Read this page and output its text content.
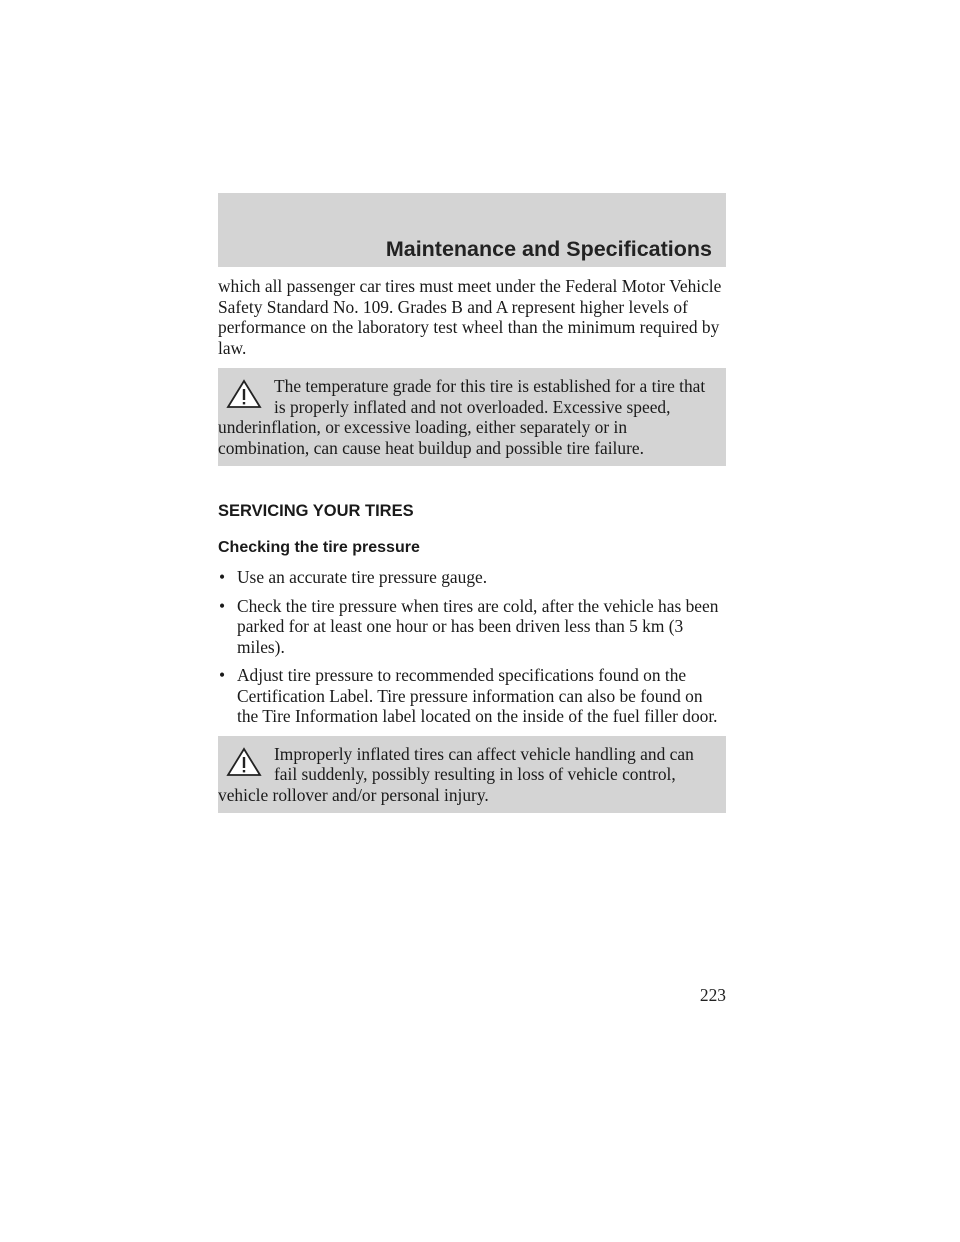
Maintenance and Specifications

which all passenger car tires must meet under the Federal Motor Vehicle Safety Standard No. 109. Grades B and A represent higher levels of performance on the laboratory test wheel than the minimum required by law.

The temperature grade for this tire is established for a tire that is properly inflated and not overloaded. Excessive speed, underinflation, or excessive loading, either separately or in combination, can cause heat buildup and possible tire failure.
SERVICING YOUR TIRES
Checking the tire pressure
• Use an accurate tire pressure gauge.
• Check the tire pressure when tires are cold, after the vehicle has been parked for at least one hour or has been driven less than 5 km (3 miles).
• Adjust tire pressure to recommended specifications found on the Certification Label. Tire pressure information can also be found on the Tire Information label located on the inside of the fuel filler door.
Improperly inflated tires can affect vehicle handling and can fail suddenly, possibly resulting in loss of vehicle control, vehicle rollover and/or personal injury.
223
